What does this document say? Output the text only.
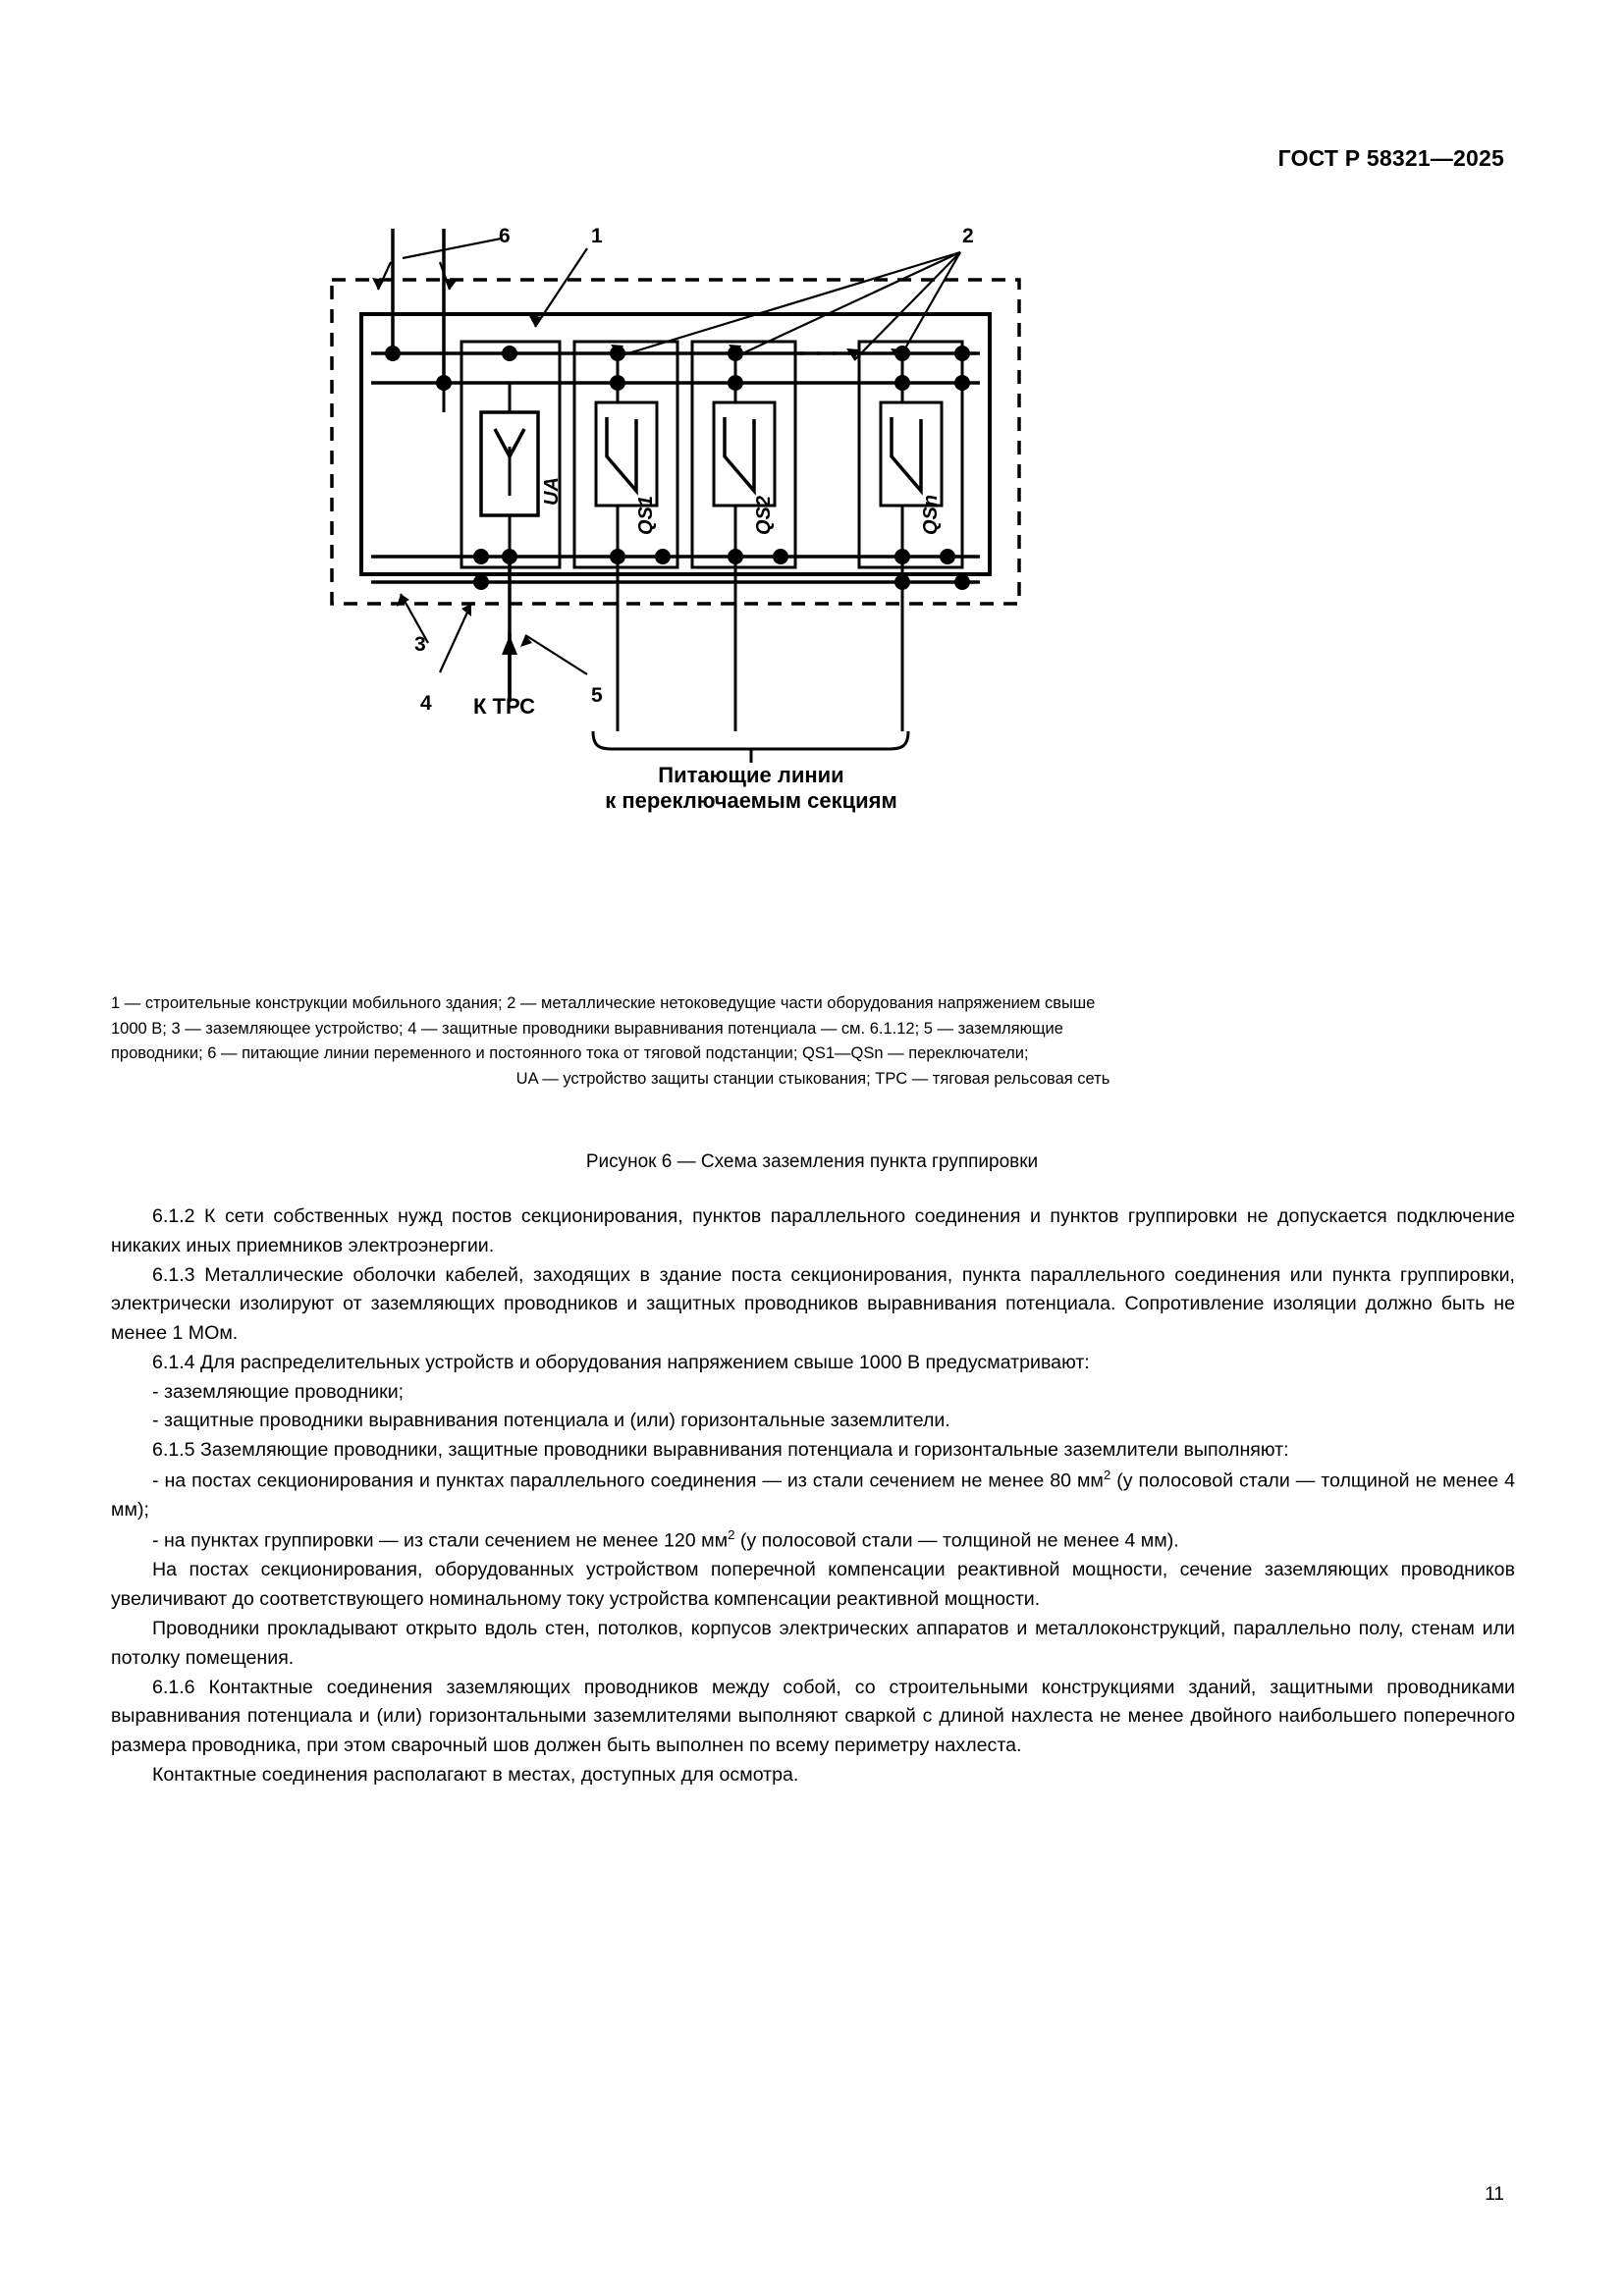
ГОСТ Р 58321—2025
6	1	2
3
4	5
UA
QS1	QS2	QSn
К ТРС
Питающие линии
к переключаемым секциям
1 — строительные конструкции мобильного здания; 2 — металлические нетоковедущие части оборудования напряжением свыше
1000 В; 3 — заземляющее устройство; 4 — защитные проводники выравнивания потенциала — см. 6.1.12; 5 — заземляющие
проводники; 6 — питающие линии переменного и постоянного тока от тяговой подстанции; QS1—QSn — переключатели;
UA — устройство защиты станции стыкования; ТРС — тяговая рельсовая сеть
Рисунок 6 — Схема заземления пункта группировки

6.1.2 К сети собственных нужд постов секционирования, пунктов параллельного соединения и пунктов группировки не допускается подключение никаких иных приемников электроэнергии.

6.1.3 Металлические оболочки кабелей, заходящих в здание поста секционирования, пункта параллельного соединения или пункта группировки, электрически изолируют от заземляющих проводников и защитных проводников выравнивания потенциала. Сопротивление изоляции должно быть не менее 1 МОм.

6.1.4 Для распределительных устройств и оборудования напряжением свыше 1000 В предусматривают:

- заземляющие проводники;

- защитные проводники выравнивания потенциала и (или) горизонтальные заземлители.

6.1.5 Заземляющие проводники, защитные проводники выравнивания потенциала и горизонтальные заземлители выполняют:

- на постах секционирования и пунктах параллельного соединения — из стали сечением не менее 80 $мм^2$ (у полосовой стали — толщиной не менее 4 мм);

- на пунктах группировки — из стали сечением не менее 120 $мм^2$ (у полосовой стали — толщиной не менее 4 мм).

На постах секционирования, оборудованных устройством поперечной компенсации реактивной мощности, сечение заземляющих проводников увеличивают до соответствующего номинальному току устройства компенсации реактивной мощности.

Проводники прокладывают открыто вдоль стен, потолков, корпусов электрических аппаратов и металлоконструкций, параллельно полу, стенам или потолку помещения.

6.1.6 Контактные соединения заземляющих проводников между собой, со строительными конструкциями зданий, защитными проводниками выравнивания потенциала и (или) горизонтальными заземлителями выполняют сваркой с длиной нахлеста не менее двойного наибольшего поперечного размера проводника, при этом сварочный шов должен быть выполнен по всему периметру нахлеста.

Контактные соединения располагают в местах, доступных для осмотра.

11
